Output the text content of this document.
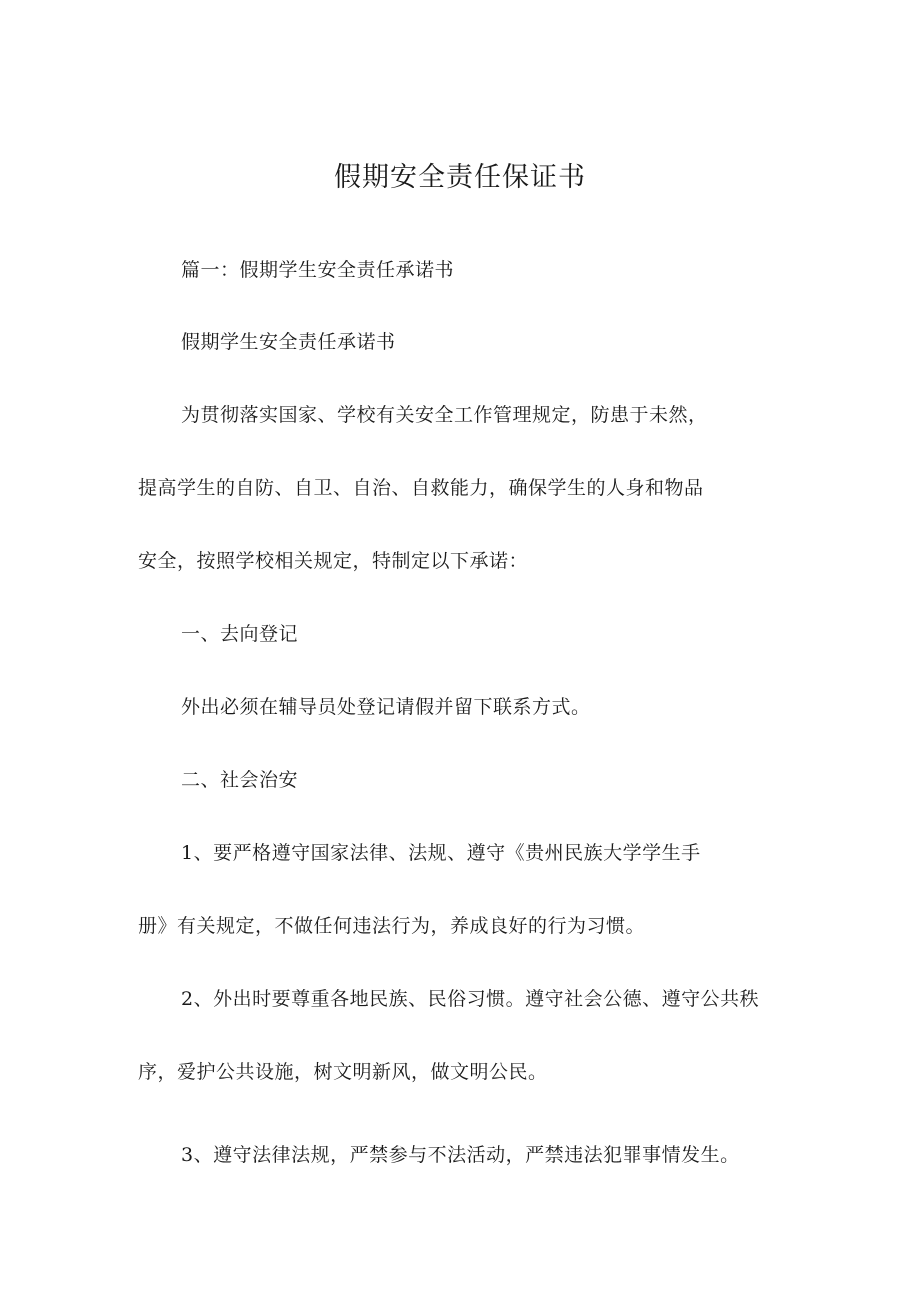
假期安全责任保证书
篇一：假期学生安全责任承诺书
假期学生安全责任承诺书
为贯彻落实国家、学校有关安全工作管理规定，防患于未然，
提高学生的自防、自卫、自治、自救能力，确保学生的人身和物品
安全，按照学校相关规定，特制定以下承诺：
一、去向登记
外出必须在辅导员处登记请假并留下联系方式。
二、社会治安
1、要严格遵守国家法律、法规、遵守《贵州民族大学学生手
册》有关规定，不做任何违法行为，养成良好的行为习惯。
2、外出时要尊重各地民族、民俗习惯。遵守社会公德、遵守公共秩
序，爱护公共设施，树文明新风，做文明公民。
3、遵守法律法规，严禁参与不法活动，严禁违法犯罪事情发生。
